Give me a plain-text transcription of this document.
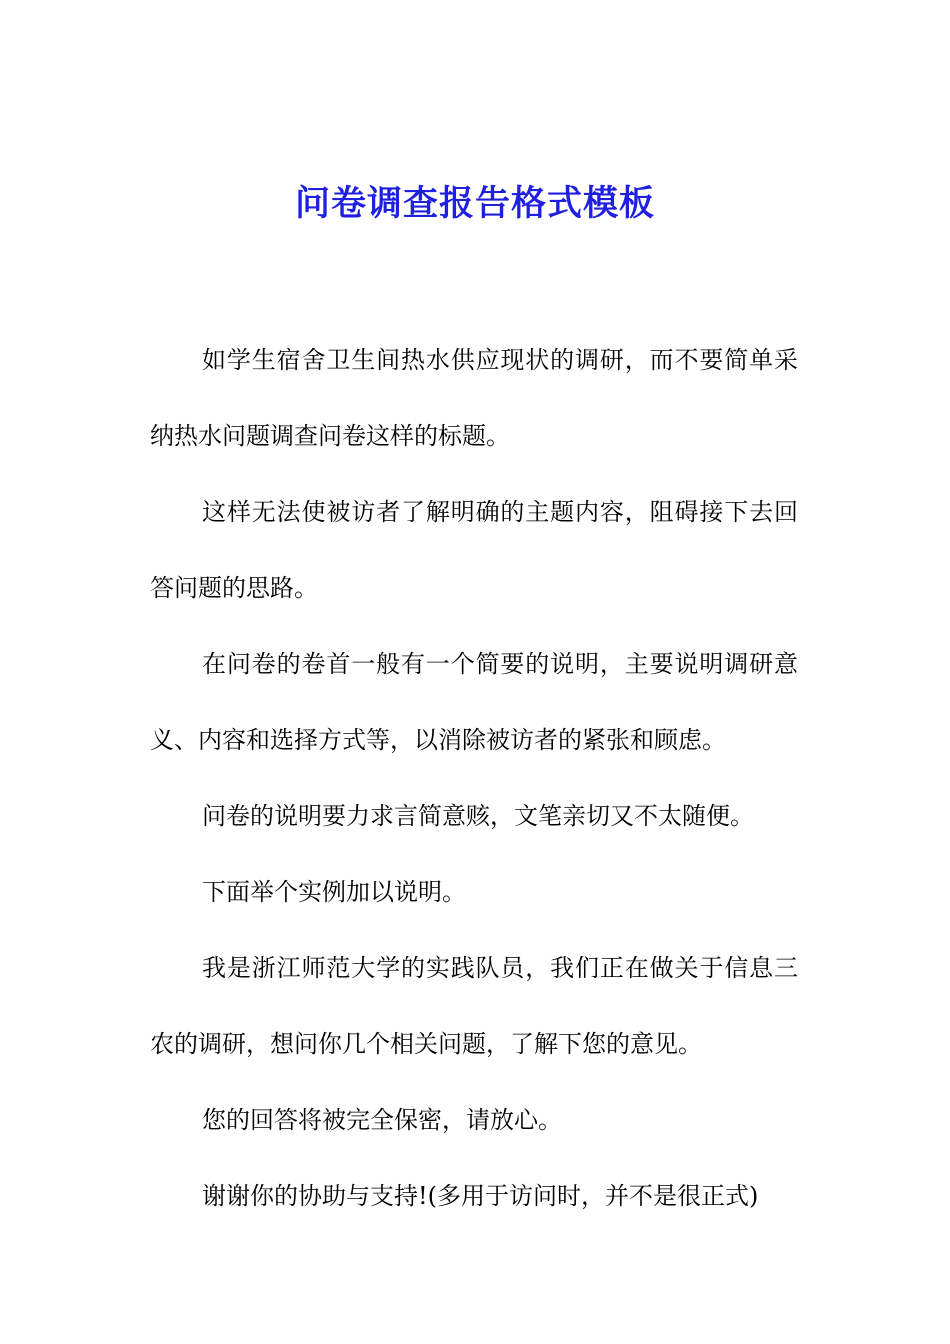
问卷调查报告格式模板

如学生宿舍卫生间热水供应现状的调研，而不要简单采纳热水问题调查问卷这样的标题。

这样无法使被访者了解明确的主题内容，阻碍接下去回答问题的思路。

在问卷的卷首一般有一个简要的说明，主要说明调研意义、内容和选择方式等，以消除被访者的紧张和顾虑。

问卷的说明要力求言简意赅，文笔亲切又不太随便。

下面举个实例加以说明。

我是浙江师范大学的实践队员，我们正在做关于信息三农的调研，想问你几个相关问题，了解下您的意见。

您的回答将被完全保密，请放心。

谢谢你的协助与支持!(多用于访问时，并不是很正式)
